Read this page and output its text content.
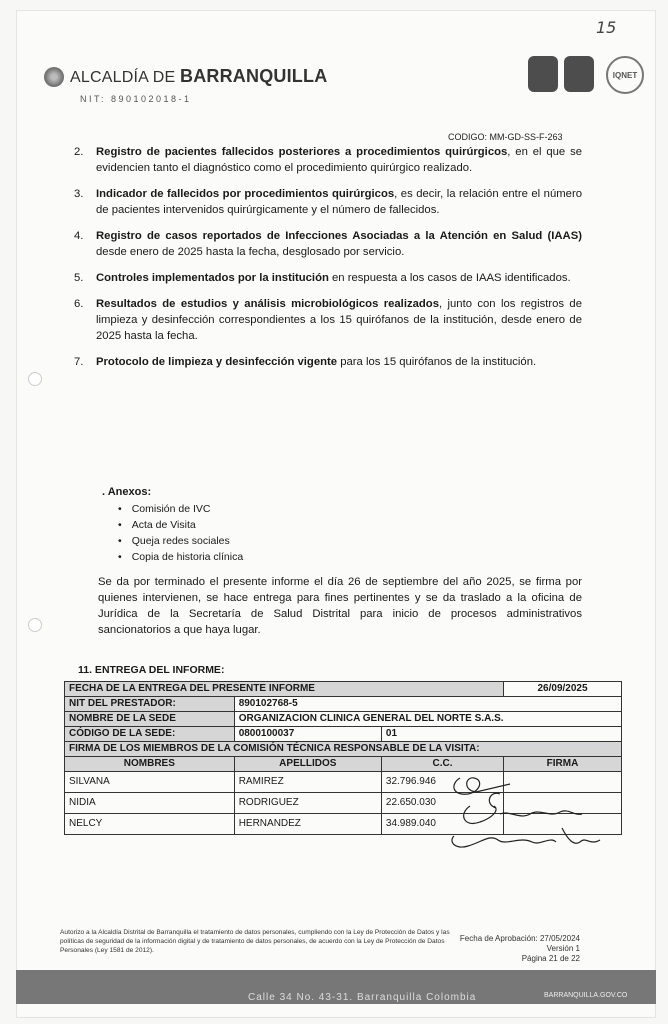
15
ALCALDÍA DE BARRANQUILLA
NIT: 890102018-1
IQNET
CODIGO: MM-GD-SS-F-263
2. Registro de pacientes fallecidos posteriores a procedimientos quirúrgicos, en el que se evidencien tanto el diagnóstico como el procedimiento quirúrgico realizado.
3. Indicador de fallecidos por procedimientos quirúrgicos, es decir, la relación entre el número de pacientes intervenidos quirúrgicamente y el número de fallecidos.
4. Registro de casos reportados de Infecciones Asociadas a la Atención en Salud (IAAS) desde enero de 2025 hasta la fecha, desglosado por servicio.
5. Controles implementados por la institución en respuesta a los casos de IAAS identificados.
6. Resultados de estudios y análisis microbiológicos realizados, junto con los registros de limpieza y desinfección correspondientes a los 15 quirófanos de la institución, desde enero de 2025 hasta la fecha.
7. Protocolo de limpieza y desinfección vigente para los 15 quirófanos de la institución.
. Anexos:
• Comisión de IVC
• Acta de Visita
• Queja redes sociales
• Copia de historia clínica
Se da por terminado el presente informe el día 26 de septiembre del año 2025, se firma por quienes intervienen, se hace entrega para fines pertinentes y se da traslado a la oficina de Jurídica de la Secretaría de Salud Distrital para inicio de procesos administrativos sancionatorios a que haya lugar.
11. ENTREGA DEL INFORME:
FECHA DE LA ENTREGA DEL PRESENTE INFORME			26/09/2025
NIT DEL PRESTADOR:	890102768-5		
NOMBRE DE LA SEDE	ORGANIZACION CLINICA GENERAL DEL NORTE S.A.S.		
CÓDIGO DE LA SEDE:	0800100037	01	
FIRMA DE LOS MIEMBROS DE LA COMISIÓN TÉCNICA RESPONSABLE DE LA VISITA:			
NOMBRES	APELLIDOS	C.C.	FIRMA
SILVANA	RAMIREZ	32.796.946	
NIDIA	RODRIGUEZ	22.650.030	
NELCY	HERNANDEZ	34.989.040	
Autorizo a la Alcaldía Distrital de Barranquilla el tratamiento de datos personales, cumpliendo con la Ley de Protección de Datos y las políticas de seguridad de la información digital y de tratamiento de datos personales, de acuerdo con la Ley de Protección de Datos Personales (Ley 1581 de 2012).
Fecha de Aprobación: 27/05/2024
Versión 1
Página 21 de 22
Calle 34 No. 43-31. Barranquilla Colombia	BARRANQUILLA.GOV.CO
